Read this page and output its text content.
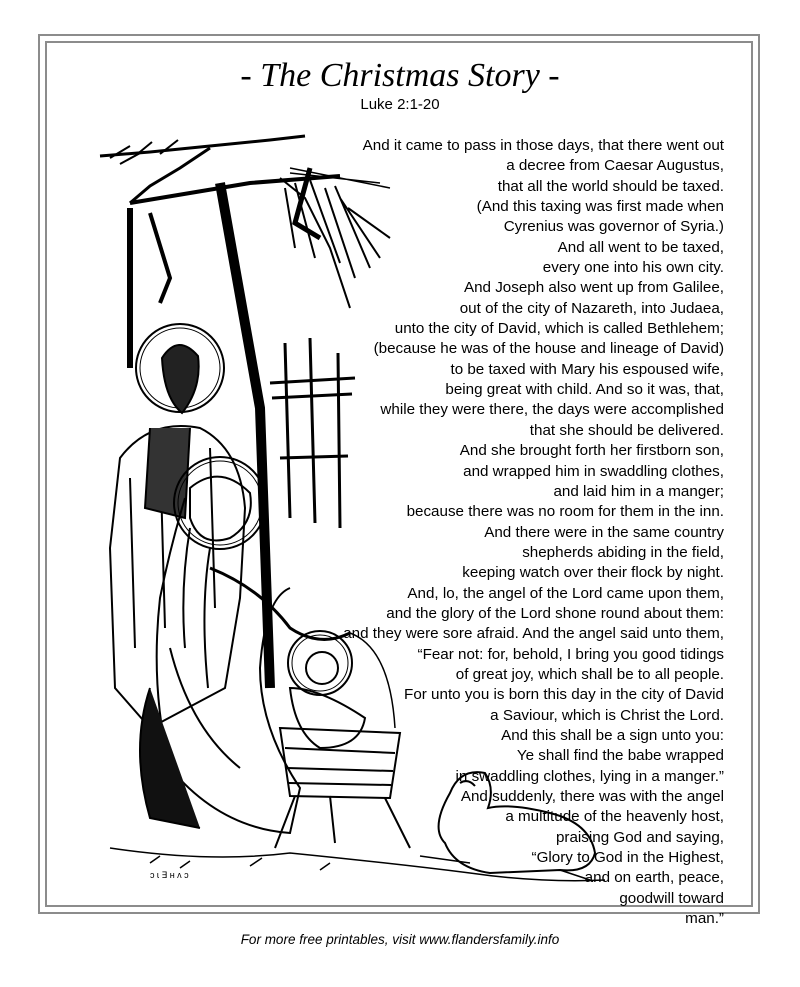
- The Christmas Story -
Luke 2:1-20
ɔ ɩ ∃ ʜ ʌ ɔ
And it came to pass in those days, that there went out
a decree from Caesar Augustus,
that all the world should be taxed.
(And this taxing was first made when
Cyrenius was governor of Syria.)
And all went to be taxed,
every one into his own city.
And Joseph also went up from Galilee,
out of the city of Nazareth, into Judaea,
unto the city of David, which is called Bethlehem;
(because he was of the house and lineage of David)
to be taxed with Mary his espoused wife,
being great with child. And so it was, that,
while they were there, the days were accomplished
that she should be delivered.
And she brought forth her firstborn son,
and wrapped him in swaddling clothes,
and laid him in a manger;
because there was no room for them in the inn.
And there were in the same country
shepherds abiding in the field,
keeping watch over their flock by night.
And, lo, the angel of the Lord came upon them,
and the glory of the Lord shone round about them:
and they were sore afraid. And the angel said unto them,
“Fear not: for, behold, I bring you good tidings
of great joy, which shall be to all people.
For unto you is born this day in the city of David
a Saviour, which is Christ the Lord.
And this shall be a sign unto you:
Ye shall find the babe wrapped
in swaddling clothes, lying in a manger.”
And suddenly, there was with the angel
a multitude of the heavenly host,
praising God and saying,
“Glory to God in the Highest,
and on earth, peace,
goodwill toward
man.”
For more free printables, visit www.flandersfamily.info
